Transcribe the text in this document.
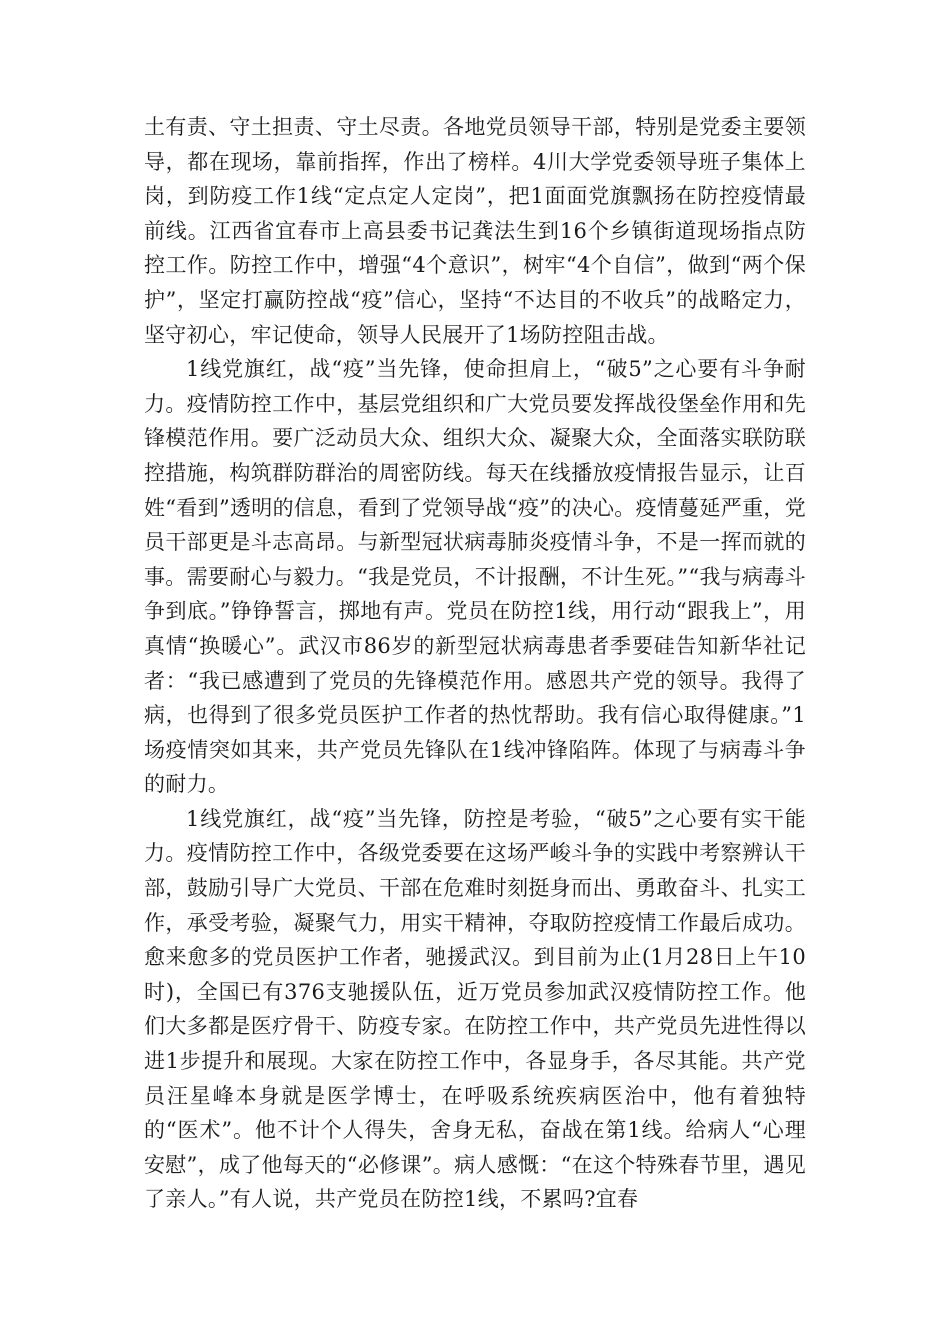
土有责、守土担责、守土尽责。各地党员领导干部，特别是党委主要领导，都在现场，靠前指挥，作出了榜样。4川大学党委领导班子集体上岗，到防疫工作1线“定点定人定岗”，把1面面党旗飘扬在防控疫情最前线。江西省宜春市上高县委书记龚法生到16个乡镇街道现场指点防控工作。防控工作中，增强“4个意识”，树牢“4个自信”，做到“两个保护”，坚定打赢防控战“疫”信心，坚持“不达目的不收兵”的战略定力，坚守初心，牢记使命，领导人民展开了1场防控阻击战。

1线党旗红，战“疫”当先锋，使命担肩上，“破5”之心要有斗争耐力。疫情防控工作中，基层党组织和广大党员要发挥战役堡垒作用和先锋模范作用。要广泛动员大众、组织大众、凝聚大众，全面落实联防联控措施，构筑群防群治的周密防线。每天在线播放疫情报告显示，让百姓“看到”透明的信息，看到了党领导战“疫”的决心。疫情蔓延严重，党员干部更是斗志高昂。与新型冠状病毒肺炎疫情斗争，不是一挥而就的事。需要耐心与毅力。“我是党员，不计报酬，不计生死。”“我与病毒斗争到底。”铮铮誓言，掷地有声。党员在防控1线，用行动“跟我上”，用真情“换暖心”。武汉市86岁的新型冠状病毒患者季要硅告知新华社记者：“我已感遭到了党员的先锋模范作用。感恩共产党的领导。我得了病，也得到了很多党员医护工作者的热忱帮助。我有信心取得健康。”1场疫情突如其来，共产党员先锋队在1线冲锋陷阵。体现了与病毒斗争的耐力。

1线党旗红，战“疫”当先锋，防控是考验，“破5”之心要有实干能力。疫情防控工作中，各级党委要在这场严峻斗争的实践中考察辨认干部，鼓励引导广大党员、干部在危难时刻挺身而出、勇敢奋斗、扎实工作，承受考验，凝聚气力，用实干精神，夺取防控疫情工作最后成功。愈来愈多的党员医护工作者，驰援武汉。到目前为止(1月28日上午10时)，全国已有376支驰援队伍，近万党员参加武汉疫情防控工作。他们大多都是医疗骨干、防疫专家。在防控工作中，共产党员先进性得以进1步提升和展现。大家在防控工作中，各显身手，各尽其能。共产党员汪星峰本身就是医学博士，在呼吸系统疾病医治中，他有着独特的“医术”。他不计个人得失，舍身无私，奋战在第1线。给病人“心理安慰”，成了他每天的“必修课”。病人感慨：“在这个特殊春节里，遇见了亲人。”有人说，共产党员在防控1线，不累吗?宜春
